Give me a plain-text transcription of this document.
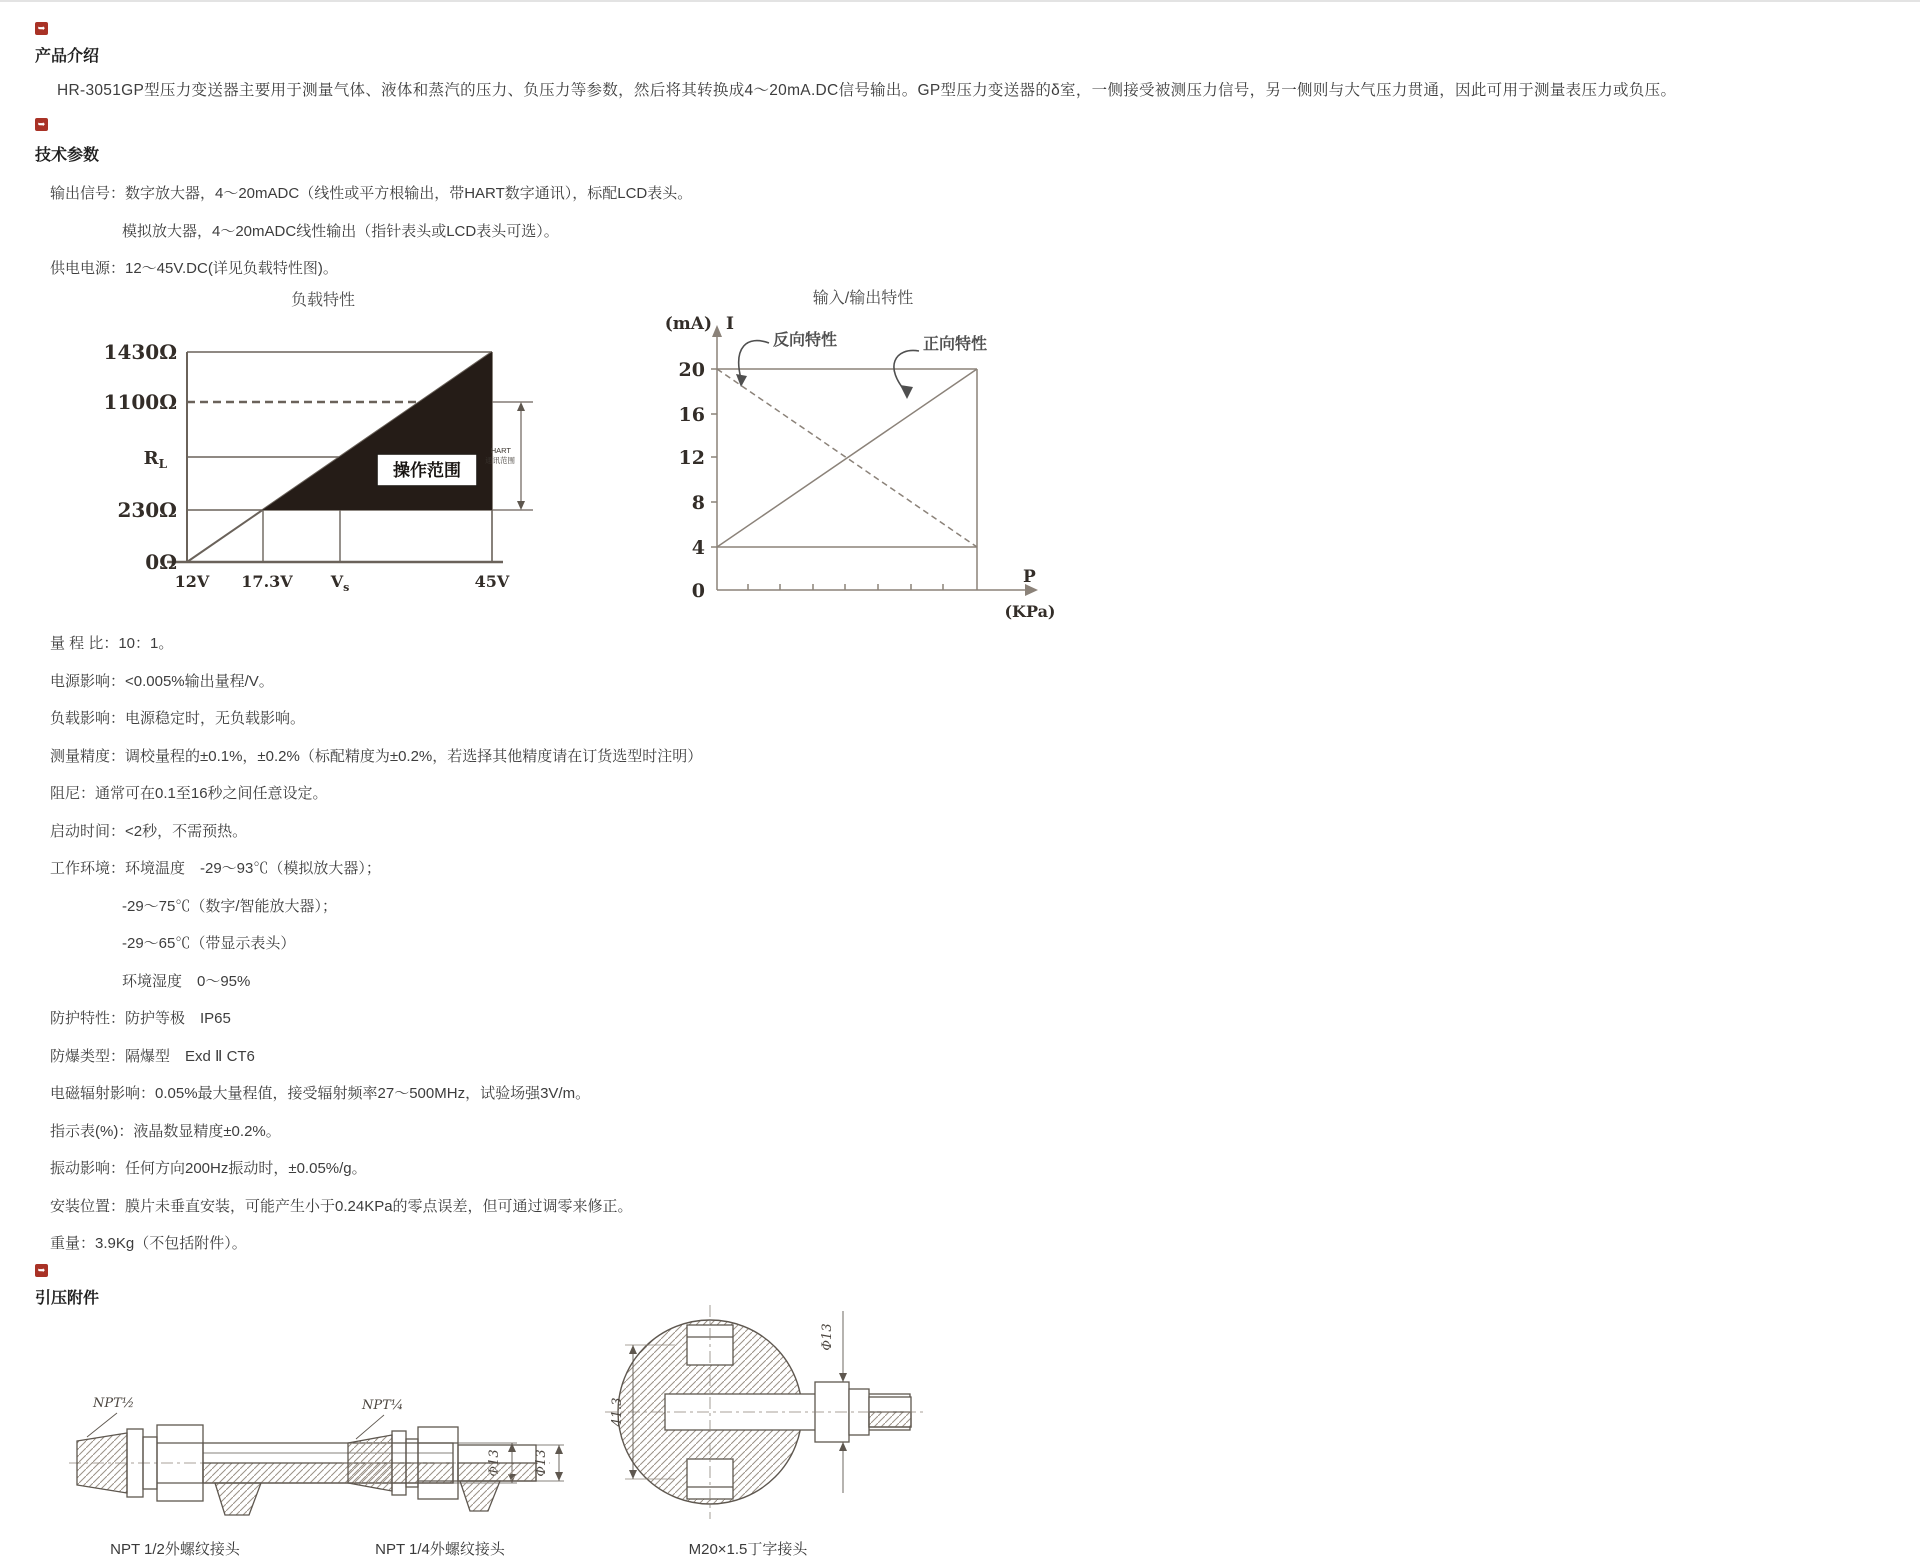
➥
产品介绍
HR-3051GP型压力变送器主要用于测量气体、液体和蒸汽的压力、负压力等参数，然后将其转换成4～20mA.DC信号输出。GP型压力变送器的δ室，一侧接受被测压力信号，另一侧则与大气压力贯通，因此可用于测量表压力或负压。
➥
技术参数
输出信号：数字放大器，4～20mADC（线性或平方根输出，带HART数字通讯），标配LCD表头。
模拟放大器，4～20mADC线性输出（指针表头或LCD表头可选）。
供电电源：12～45V.DC(详见负载特性图)。
负载特性
操作范围
HART
通讯范围
1430Ω
1100Ω
$R_L$
230Ω
0Ω
12V 17.3V $V_s$	45V
输入/输出特性
(mA) I
反向特性	正向特性
20
16
12
8
4
0
P
(KPa)
量 程 比：10：1。
电源影响：<0.005%输出量程/V。
负载影响：电源稳定时，无负载影响。
测量精度：调校量程的±0.1%，±0.2%（标配精度为±0.2%，若选择其他精度请在订货选型时注明）
阻尼：通常可在0.1至16秒之间任意设定。
启动时间：<2秒，不需预热。
工作环境：环境温度　-29～93℃（模拟放大器）；
-29～75℃（数字/智能放大器）；
-29～65℃（带显示表头）
环境湿度　0～95%
防护特性：防护等极　IP65
防爆类型：隔爆型　Exd Ⅱ CT6
电磁辐射影响：0.05%最大量程值，接受辐射频率27～500MHz，试验场强3V/m。
指示表(%)：液晶数显精度±0.2%。
振动影响：任何方向200Hz振动时，±0.05%/g。
安装位置：膜片未垂直安装，可能产生小于0.24KPa的零点误差，但可通过调零来修正。
重量：3.9Kg（不包括附件）。
➥
引压附件
NPT½
NPT 1/2外螺纹接头
NPT¼
Φ13
NPT 1/4外螺纹接头
41.3
Φ13
M20×1.5丁字接头
